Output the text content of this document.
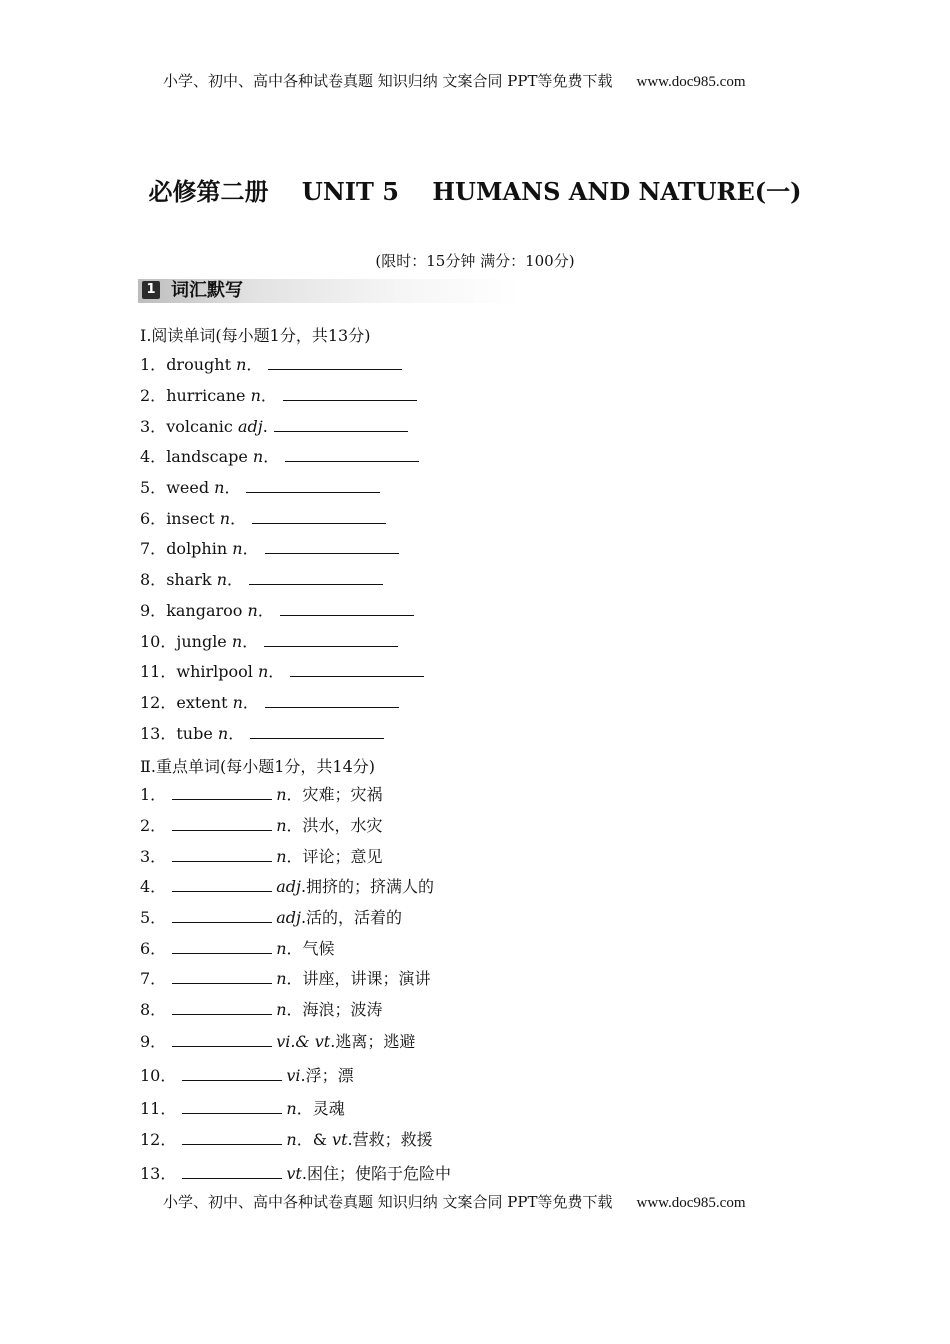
小学、初中、高中各种试卷真题 知识归纳 文案合同 PPT等免费下载 www.doc985.com
必修第二册    UNIT 5    HUMANS AND NATURE(一)
(限时：15分钟 满分：100分)
1 词汇默写
Ⅰ.阅读单词(每小题1分，共13分)
1．drought n．
2．hurricane n．
3．volcanic adj.
4．landscape n．
5．weed n．
6．insect n．
7．dolphin n．
8．shark n．
9．kangaroo n．
10．jungle n．
11．whirlpool n．
12．extent n．
13．tube n．
Ⅱ.重点单词(每小题1分，共14分)
1．	n．灾难；灾祸
2．	n．洪水，水灾
3．	n．评论；意见
4．	adj.拥挤的；挤满人的
5．	adj.活的，活着的
6．	n．气候
7．	n．讲座，讲课；演讲
8．	n．海浪；波涛
9．	vi.& vt.逃离；逃避
10．	vi.浮；漂
11．	n．灵魂
12．	n．& vt.营救；救援
13．	vt.困住；使陷于危险中
小学、初中、高中各种试卷真题 知识归纳 文案合同 PPT等免费下载 www.doc985.com
